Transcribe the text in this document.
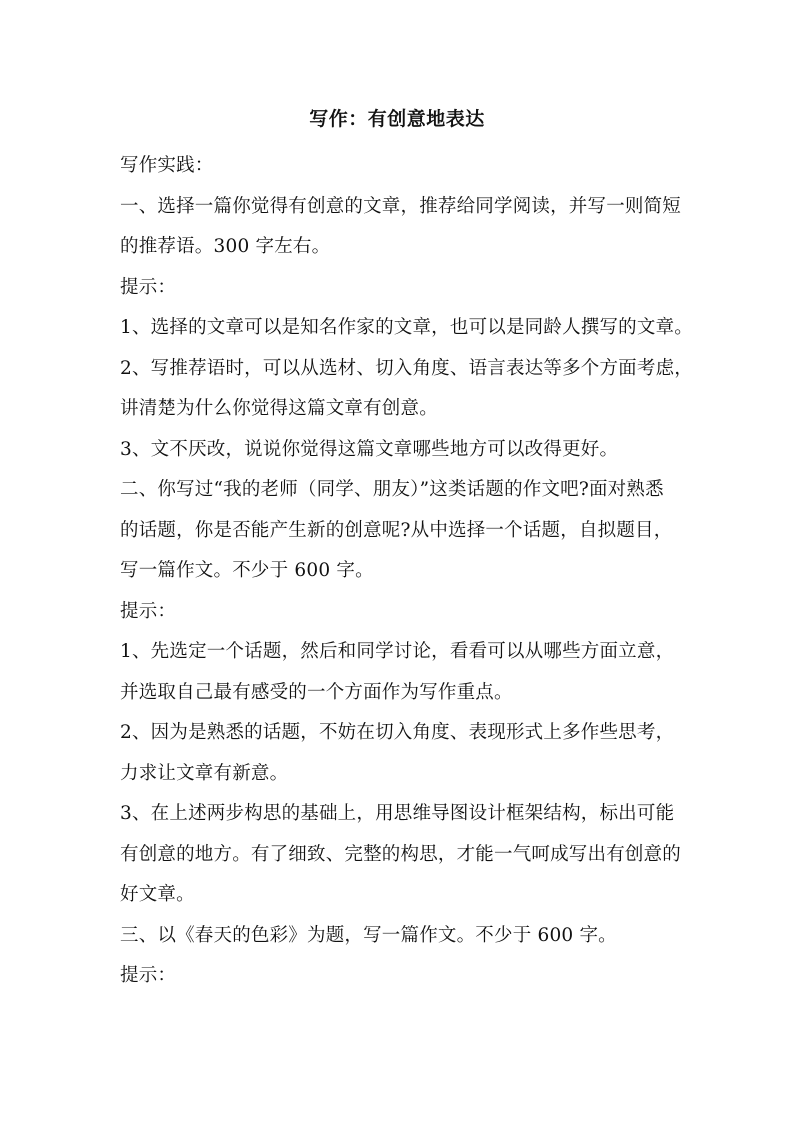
写作：有创意地表达
写作实践：
一、选择一篇你觉得有创意的文章，推荐给同学阅读，并写一则简短
的推荐语。300 字左右。
提示：
1、选择的文章可以是知名作家的文章，也可以是同龄人撰写的文章。
2、写推荐语时，可以从选材、切入角度、语言表达等多个方面考虑，
讲清楚为什么你觉得这篇文章有创意。
3、文不厌改，说说你觉得这篇文章哪些地方可以改得更好。
二、你写过“我的老师（同学、朋友）”这类话题的作文吧?面对熟悉
的话题，你是否能产生新的创意呢?从中选择一个话题，自拟题目，
写一篇作文。不少于 600 字。
提示：
1、先选定一个话题，然后和同学讨论，看看可以从哪些方面立意，
并选取自己最有感受的一个方面作为写作重点。
2、因为是熟悉的话题，不妨在切入角度、表现形式上多作些思考，
力求让文章有新意。
3、在上述两步构思的基础上，用思维导图设计框架结构，标出可能
有创意的地方。有了细致、完整的构思，才能一气呵成写出有创意的
好文章。
三、以《春天的色彩》为题，写一篇作文。不少于 600 字。
提示：
